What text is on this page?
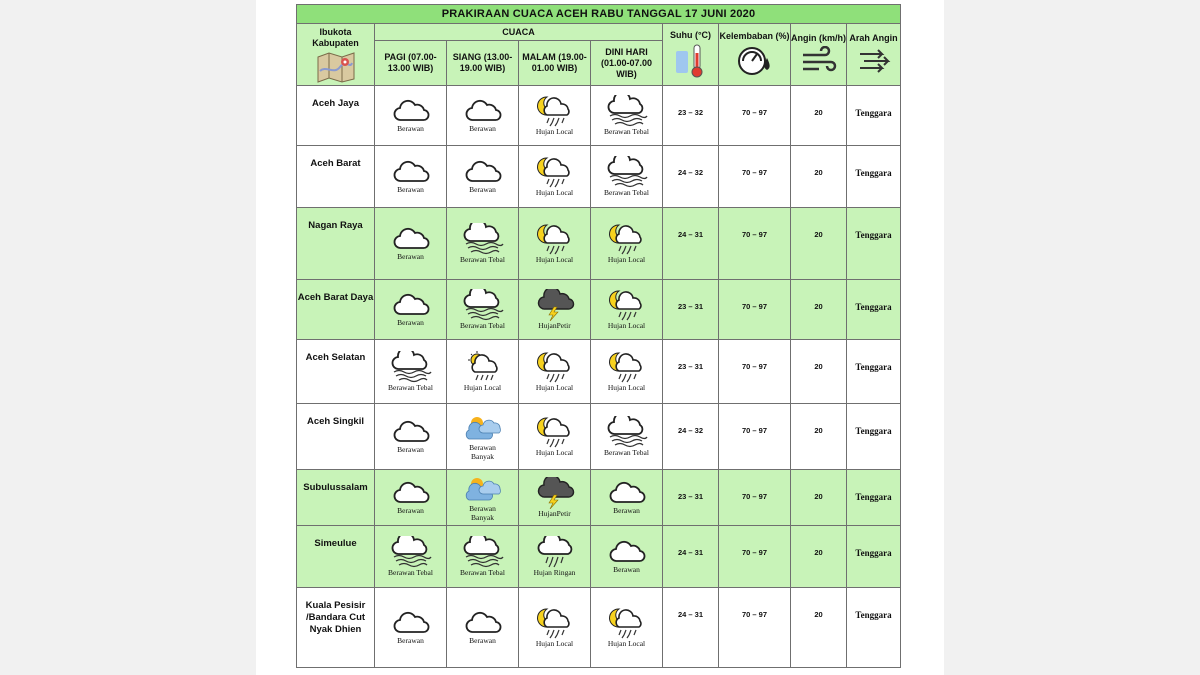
PRAKIRAAN CUACA ACEH RABU TANGGAL 17 JUNI 2020								

Ibukota Kabupaten	CUACA				Suhu (°C)	Kelembaban (%)	Angin (km/h)	Arah Angin

	PAGI (07.00-13.00 WIB)	SIANG (13.00-19.00 WIB)	MALAM (19.00-01.00 WIB)	DINI HARI (01.00-07.00 WIB)				
Aceh Jaya	Berawan	Berawan	Hujan Local	Berawan Tebal	23 – 32	70 – 97	20	Tenggara
Aceh Barat	Berawan	Berawan	Hujan Local	Berawan Tebal	24 – 32	70 – 97	20	Tenggara
Nagan Raya	Berawan	Berawan Tebal	Hujan Local	Hujan Local	24 – 31	70 – 97	20	Tenggara
Aceh Barat Daya	Berawan	Berawan Tebal	HujanPetir	Hujan Local	23 – 31	70 – 97	20	Tenggara
Aceh Selatan	Berawan Tebal	Hujan Local	Hujan Local	Hujan Local	23 – 31	70 – 97	20	Tenggara
Aceh Singkil	Berawan	Berawan Banyak	Hujan Local	Berawan Tebal	24 – 32	70 – 97	20	Tenggara
Subulussalam	Berawan	Berawan Banyak	HujanPetir	Berawan	23 – 31	70 – 97	20	Tenggara
Simeulue	Berawan Tebal	Berawan Tebal	Hujan Ringan	Berawan	24 – 31	70 – 97	20	Tenggara
Kuala Pesisir /Bandara Cut Nyak Dhien	Berawan	Berawan	Hujan Local	Hujan Local	24 – 31	70 – 97	20	Tenggara
